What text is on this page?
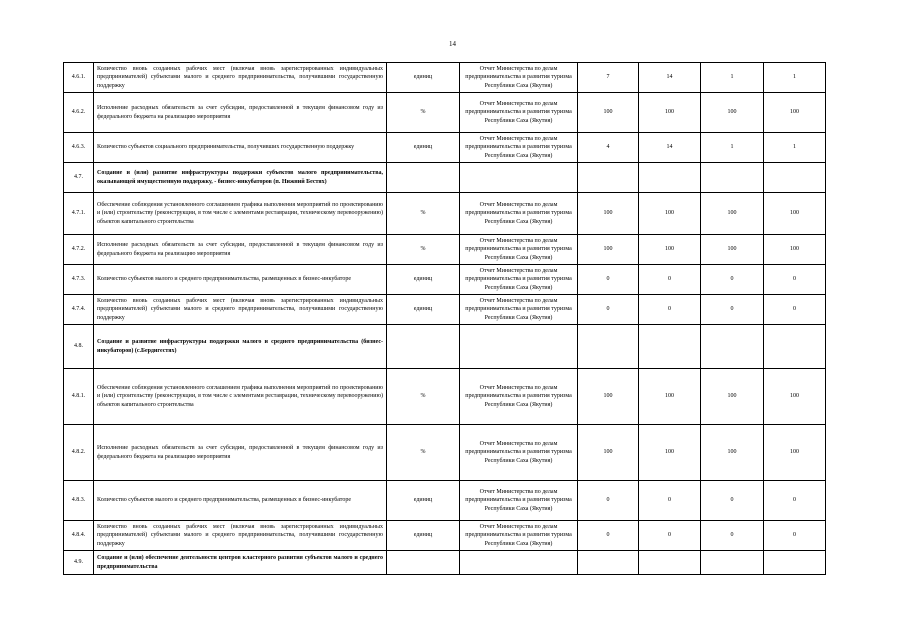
14
4.6.1.	Количество вновь созданных рабочих мест (включая вновь зарегистрированных индивидуальных предпринимателей) субъектами малого и среднего предпринимательства, получившими государственную поддержку	единиц	Отчет Министерства по делам предпринимательства и развития туризма Республики Саха (Якутия)	7	14	1	1
4.6.2.	Исполнение расходных обязательств за счет субсидии, предоставленной в текущем финансовом году из федерального бюджета на реализацию мероприятия	%	Отчет Министерства по делам предпринимательства и развития туризма Республики Саха (Якутия)	100	100	100	100
4.6.3.	Количество субъектов социального предпринимательства, получивших государственную поддержку	единиц	Отчет Министерства по делам предпринимательства и развития туризма Республики Саха (Якутия)	4	14	1	1
4.7.	Создание и (или) развитие инфраструктуры поддержки субъектов малого предпринимательства, оказывающей имущественную поддержку, - бизнес-инкубаторов (п. Нижний Бестях)						
4.7.1.	Обеспечение соблюдения установленного соглашением графика выполнения мероприятий по проектированию и (или) строительству (реконструкции, в том числе с элементами реставрации, техническому перевооружению) объектов капитального строительства	%	Отчет Министерства по делам предпринимательства и развития туризма Республики Саха (Якутия)	100	100	100	100
4.7.2.	Исполнение расходных обязательств за счет субсидии, предоставленной в текущем финансовом году из федерального бюджета на реализацию мероприятия	%	Отчет Министерства по делам предпринимательства и развития туризма Республики Саха (Якутия)	100	100	100	100
4.7.3.	Количество субъектов малого и среднего предпринимательства, размещенных в бизнес-инкубаторе	единиц	Отчет Министерства по делам предпринимательства и развития туризма Республики Саха (Якутия)	0	0	0	0
4.7.4.	Количество вновь созданных рабочих мест (включая вновь зарегистрированных индивидуальных предпринимателей) субъектами малого и среднего предпринимательства, получившими государственную поддержку	единиц	Отчет Министерства по делам предпринимательства и развития туризма Республики Саха (Якутия)	0	0	0	0
4.8.	Создание и развитие инфраструктуры поддержки малого и среднего предпринимательства (бизнес-инкубаторов) (с.Бердигестях)						
4.8.1.	Обеспечение соблюдения установленного соглашением графика выполнения мероприятий по проектированию и (или) строительству (реконструкции, в том числе с элементами реставрации, техническому перевооружению) объектов капитального строительства	%	Отчет Министерства по делам предпринимательства и развития туризма Республики Саха (Якутия)	100	100	100	100
4.8.2.	Исполнение расходных обязательств за счет субсидии, предоставленной в текущем финансовом году из федерального бюджета на реализацию мероприятия	%	Отчет Министерства по делам предпринимательства и развития туризма Республики Саха (Якутия)	100	100	100	100
4.8.3.	Количество субъектов малого и среднего предпринимательства, размещенных в бизнес-инкубаторе	единиц	Отчет Министерства по делам предпринимательства и развития туризма Республики Саха (Якутия)	0	0	0	0
4.8.4.	Количество вновь созданных рабочих мест (включая вновь зарегистрированных индивидуальных предпринимателей) субъектами малого и среднего предпринимательства, получившими государственную поддержку	единиц	Отчет Министерства по делам предпринимательства и развития туризма Республики Саха (Якутия)	0	0	0	0
4.9.	Создание и (или) обеспечение деятельности центров кластерного развития субъектов малого и среднего предпринимательства						
